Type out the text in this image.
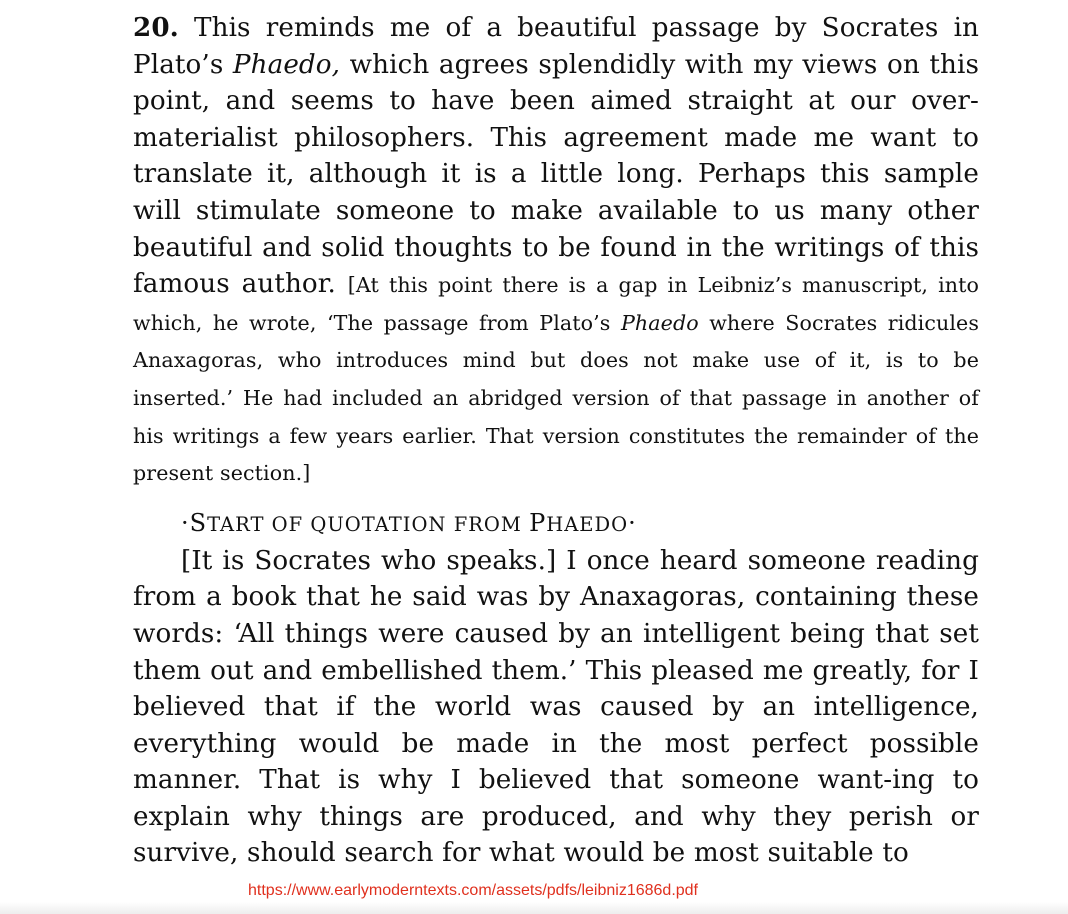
20. This reminds me of a beautiful passage by Socrates in Plato’s Phaedo, which agrees splendidly with my views on this point, and seems to have been aimed straight at our over-materialist philosophers. This agreement made me want to translate it, although it is a little long. Perhaps this sample will stimulate someone to make available to us many other beautiful and solid thoughts to be found in the writings of this famous author. [At this point there is a gap in Leibniz’s manuscript, into which, he wrote, ‘The passage from Plato’s Phaedo where Socrates ridicules Anaxagoras, who introduces mind but does not make use of it, is to be inserted.’ He had included an abridged version of that passage in another of his writings a few years earlier. That version constitutes the remainder of the present section.]

·START OF QUOTATION FROM PHAEDO·

[It is Socrates who speaks.] I once heard someone reading from a book that he said was by Anaxagoras, containing these words: ‘All things were caused by an intelligent being that set them out and embellished them.’ This pleased me greatly, for I believed that if the world was caused by an intelligence, everything would be made in the most perfect possible manner. That is why I believed that someone want-ing to explain why things are produced, and why they perish or survive, should search for what would be most suitable to

https://www.earlymoderntexts.com/assets/pdfs/leibniz1686d.pdf
